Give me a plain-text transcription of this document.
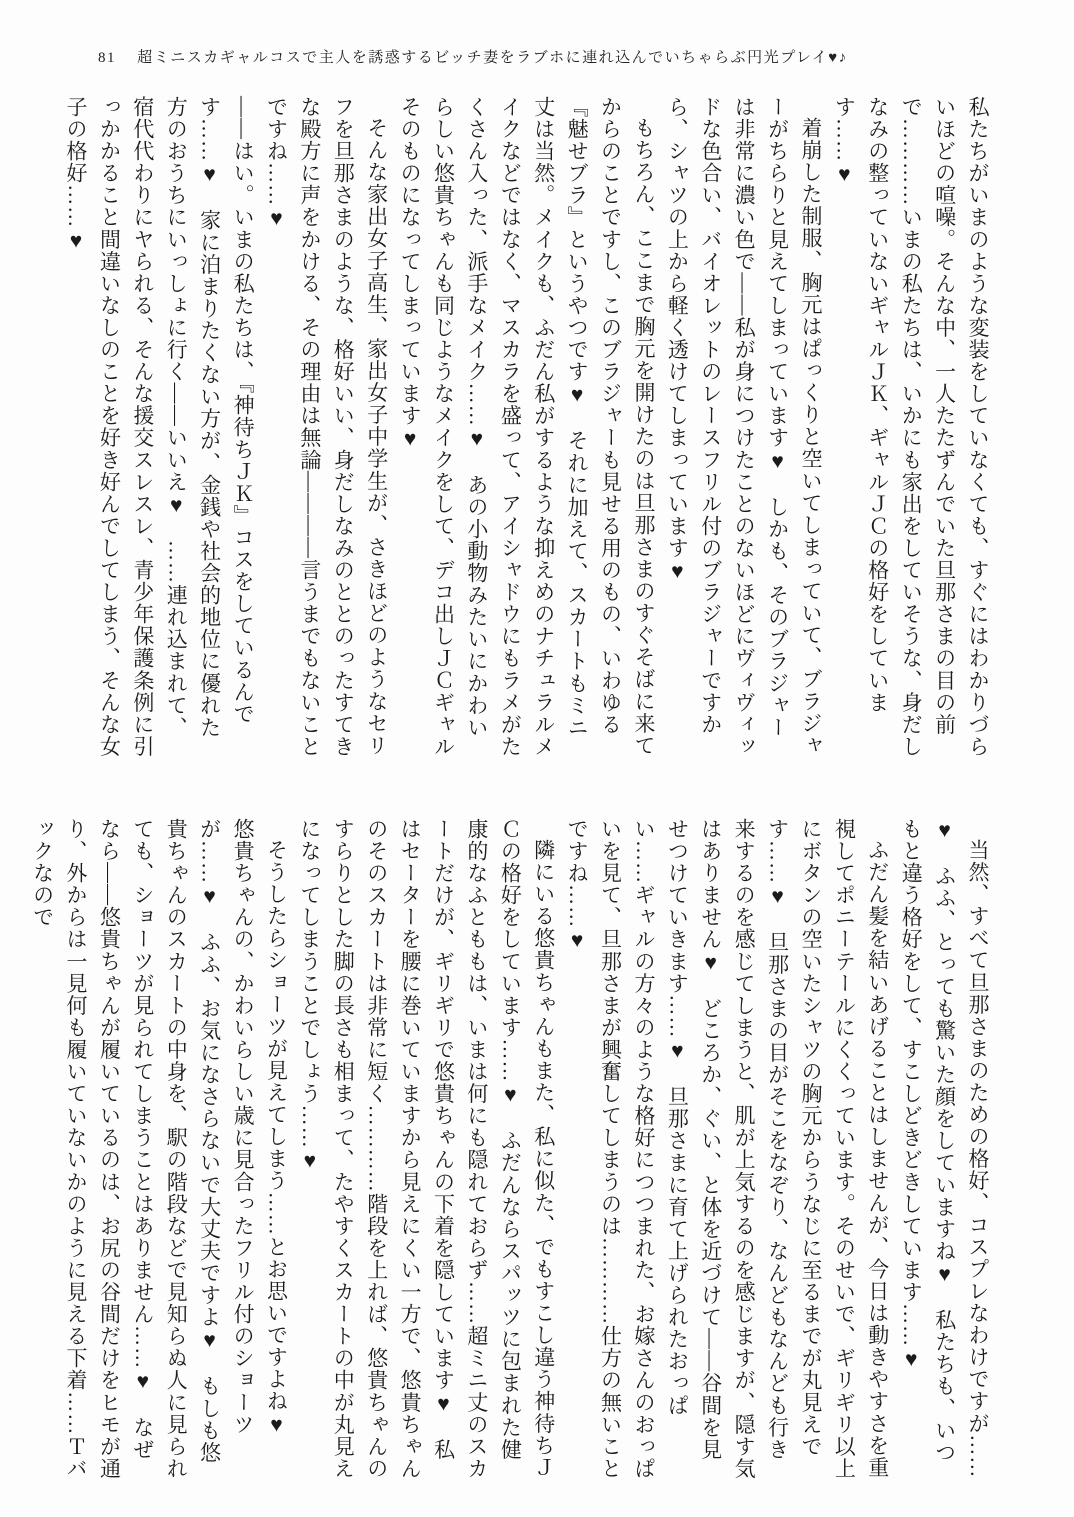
81 超ミニスカギャルコスで主人を誘惑するビッチ妻をラブホに連れ込んでいちゃらぶ円光プレイ♥♪

私たちがいまのような変装をしていなくても、すぐにはわかりづらいほどの喧噪。そんな中、一人たたずんでいた旦那さまの目の前で…………いまの私たちは、いかにも家出をしていそうな、身だしなみの整っていないギャルＪＫ、ギャルＪＣの格好をしています……♥

着崩した制服、胸元はぱっくりと空いてしまっていて、ブラジャーがちらりと見えてしまっています♥　しかも、そのブラジャーは非常に濃い色で――私が身につけたことのないほどにヴィヴィッドな色合い、バイオレットのレースフリル付のブラジャーですから、シャツの上から軽く透けてしまっています♥

もちろん、ここまで胸元を開けたのは旦那さまのすぐそばに来てからのことですし、このブラジャーも見せる用のもの、いわゆる『魅せブラ』というやつです♥　それに加えて、スカートもミニ丈は当然。メイクも、ふだん私がするような抑えめのナチュラルメイクなどではなく、マスカラを盛って、アイシャドウにもラメがたくさん入った、派手なメイク……♥　あの小動物みたいにかわいらしい悠貴ちゃんも同じようなメイクをして、デコ出しＪＣギャルそのものになってしまっています♥

そんな家出女子高生、家出女子中学生が、さきほどのようなセリフを旦那さまのような、格好いい、身だしなみのととのったすてきな殿方に声をかける、その理由は無論――――言うまでもないことですね……♥

――はい。いまの私たちは、『神待ちＪＫ』コスをしているんです……♥　家に泊まりたくない方が、金銭や社会的地位に優れた方のおうちにいっしょに行く――いいえ♥　……連れ込まれて、宿代代わりにヤられる、そんな援交スレスレ、青少年保護条例に引っかかること間違いなしのことを好き好んでしてしまう、そんな女子の格好……♥

当然、すべて旦那さまのための格好、コスプレなわけですが……♥　ふふ、とっても驚いた顔をしていますね♥　私たちも、いつもと違う格好をして、すこしどきどきしています……♥

ふだん髪を結いあげることはしませんが、今日は動きやすさを重視してポニーテールにくくっています。そのせいで、ギリギリ以上にボタンの空いたシャツの胸元からうなじに至るまでが丸見えです……♥　旦那さまの目がそこをなぞり、なんどもなんども行き来するのを感じてしまうと、肌が上気するのを感じますが、隠す気はありません♥　どころか、ぐい、と体を近づけて――谷間を見せつけていきます……♥　旦那さまに育て上げられたおっぱい……ギャルの方々のような格好につつまれた、お嫁さんのおっぱいを見て、旦那さまが興奮してしまうのは…………仕方の無いことですね……♥

隣にいる悠貴ちゃんもまた、私に似た、でもすこし違う神待ちＪＣの格好をしています……♥　ふだんならスパッツに包まれた健康的なふとももは、いまは何にも隠れておらず……超ミニ丈のスカートだけが、ギリギリで悠貴ちゃんの下着を隠しています♥　私はセーターを腰に巻いていますから見えにくい一方で、悠貴ちゃんのそのスカートは非常に短く…………階段を上れば、悠貴ちゃんのすらりとした脚の長さも相まって、たやすくスカートの中が丸見えになってしまうことでしょう……♥

そうしたらショーツが見えてしまう……とお思いですよね♥　悠貴ちゃんの、かわいらしい歳に見合ったフリル付のショーツが……♥　ふふ、お気になさらないで大丈夫ですよ♥　もしも悠貴ちゃんのスカートの中身を、駅の階段などで見知らぬ人に見られても、ショーツが見られてしまうことはありません……♥　なぜなら――悠貴ちゃんが履いているのは、お尻の谷間だけをヒモが通り、外からは一見何も履いていないかのように見える下着……Ｔバックなので
